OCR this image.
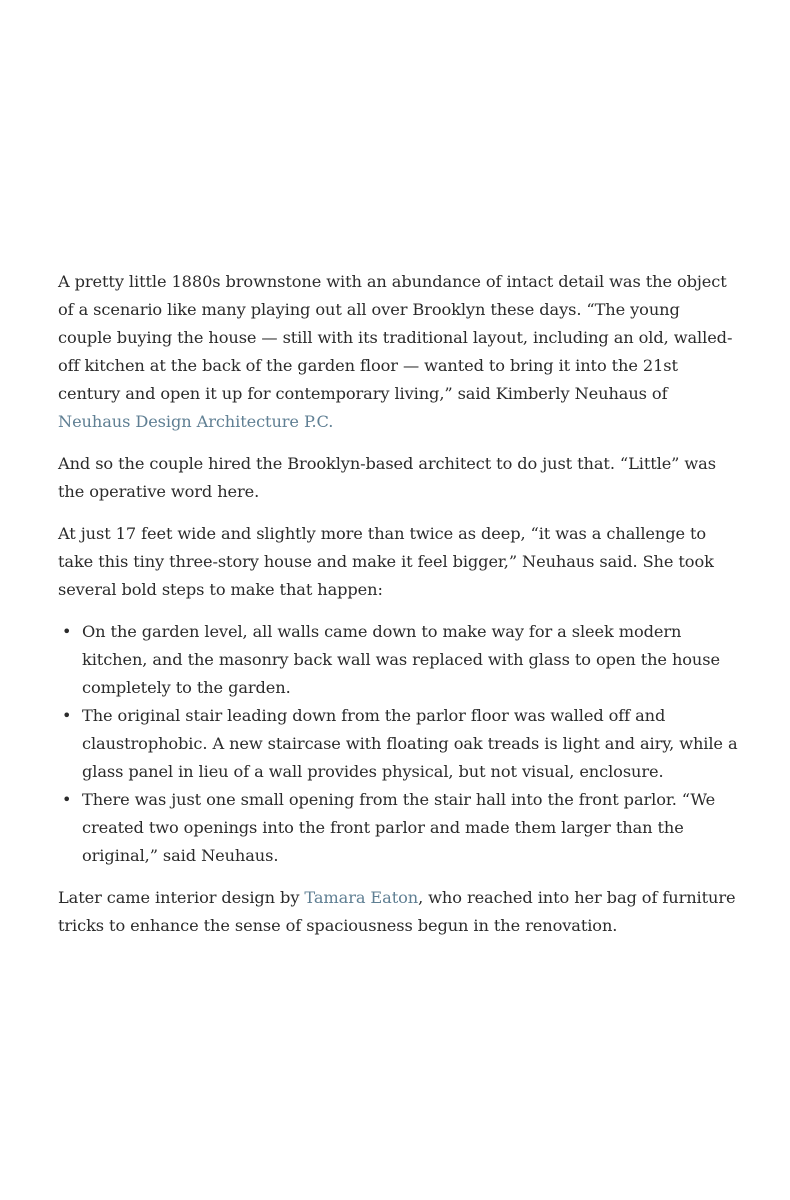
A pretty little 1880s brownstone with an abundance of intact detail was the object of a scenario like many playing out all over Brooklyn these days. “The young couple buying the house — still with its traditional layout, including an old, walled-off kitchen at the back of the garden floor — wanted to bring it into the 21st century and open it up for contemporary living,” said Kimberly Neuhaus of Neuhaus Design Architecture P.C.

And so the couple hired the Brooklyn-based architect to do just that. “Little” was the operative word here.

At just 17 feet wide and slightly more than twice as deep, “it was a challenge to take this tiny three-story house and make it feel bigger,” Neuhaus said. She took several bold steps to make that happen:

• On the garden level, all walls came down to make way for a sleek modern kitchen, and the masonry back wall was replaced with glass to open the house completely to the garden.
• The original stair leading down from the parlor floor was walled off and claustrophobic. A new staircase with floating oak treads is light and airy, while a glass panel in lieu of a wall provides physical, but not visual, enclosure.
• There was just one small opening from the stair hall into the front parlor. “We created two openings into the front parlor and made them larger than the original,” said Neuhaus.

Later came interior design by Tamara Eaton, who reached into her bag of furniture tricks to enhance the sense of spaciousness begun in the renovation.
